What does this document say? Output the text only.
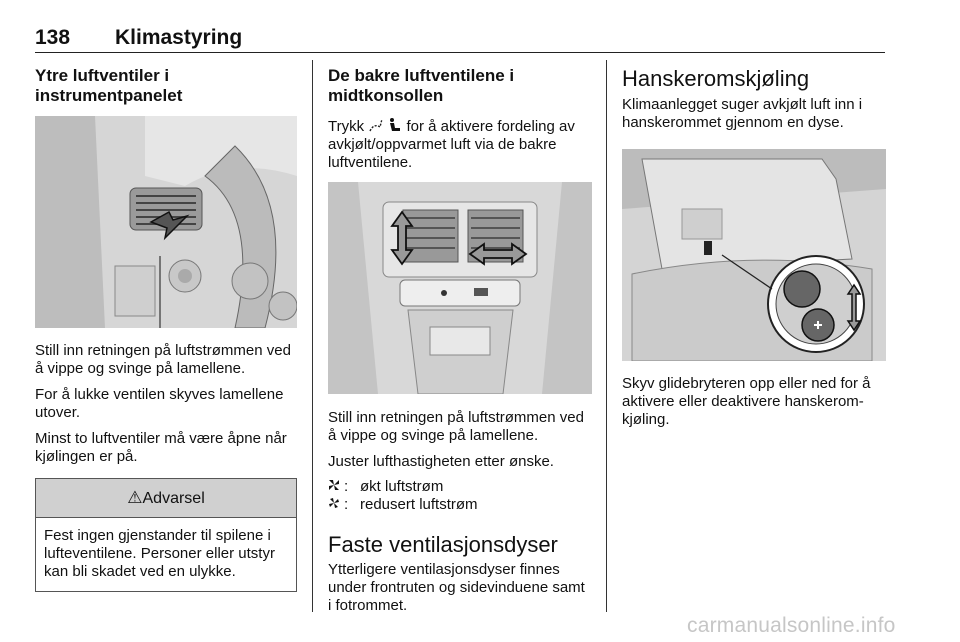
138 Klimastyring
Ytre luftventiler i instrumentpanelet

Still inn retningen på luftstrømmen ved å vippe og svinge på lamellene.

For å lukke ventilen skyves lamellene utover.

Minst to luftventiler må være åpne når kjølingen er på.

⚠Advarsel
Fest ingen gjenstander til spilene i lufteventilene. Personer eller utstyr kan bli skadet ved en ulykke.
De bakre luftventilene i midtkonsollen

Trykk	for å aktivere fordeling av avkjølt/oppvarmet luft via de bakre luftventilene.

Still inn retningen på luftstrømmen ved å vippe og svinge på lamellene.

Juster lufthastigheten etter ønske.

: økt luftstrøm
: redusert luftstrøm
Faste ventilasjonsdyser

Ytterligere ventilasjonsdyser finnes under frontruten og sidevinduene samt i fotrommet.

Hanskeromskjøling

Klimaanlegget suger avkjølt luft inn i hanskerommet gjennom en dyse.

Skyv glidebryteren opp eller ned for å aktivere eller deaktivere hanskeromkjøling.

carmanualsonline.info
